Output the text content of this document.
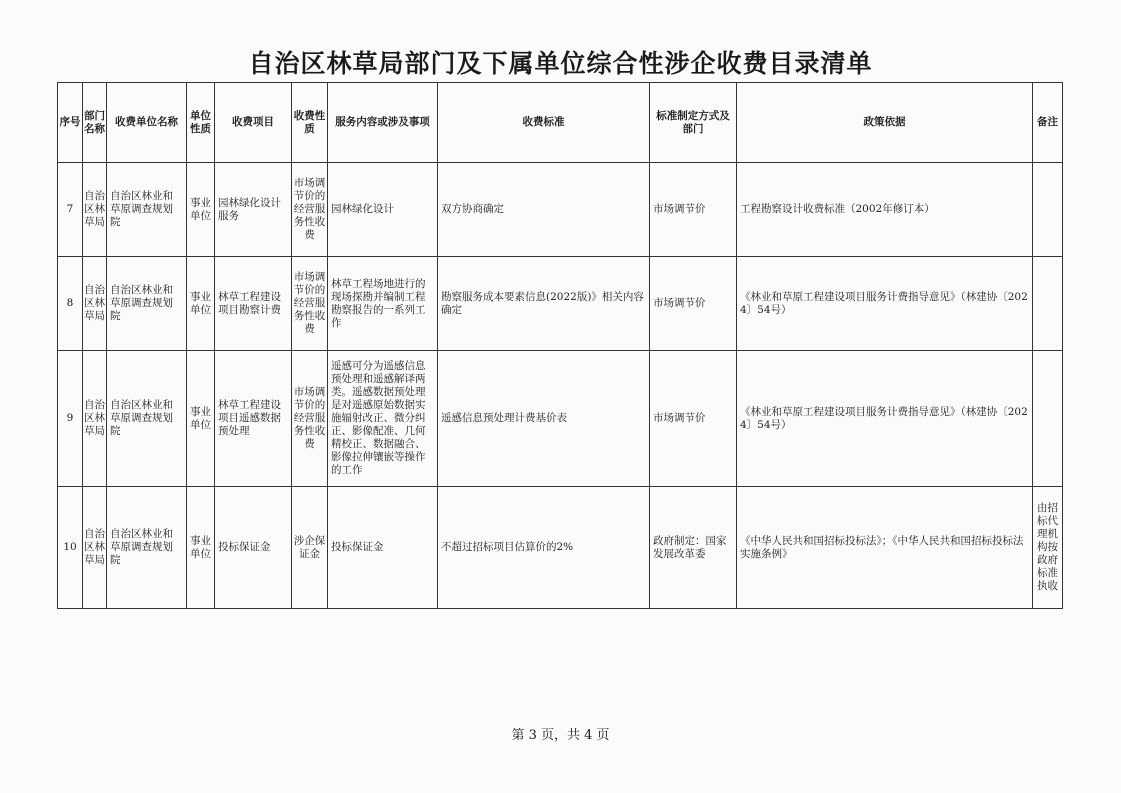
自治区林草局部门及下属单位综合性涉企收费目录清单
序号	部门名称	收费单位名称	单位性质	收费项目	收费性质	服务内容或涉及事项	收费标准	标准制定方式及部门	政策依据	备注
7	自治区林草局	自治区林业和草原调查规划院	事业单位	园林绿化设计服务	市场调节价的经营服务性收费	园林绿化设计	双方协商确定	市场调节价	工程勘察设计收费标准（2002年修订本）	
8	自治区林草局	自治区林业和草原调查规划院	事业单位	林草工程建设项目勘察计费	市场调节价的经营服务性收费	林草工程场地进行的现场探勘并编制工程勘察报告的一系列工作	勘察服务成本要素信息(2022版)》相关内容确定	市场调节价	《林业和草原工程建设项目服务计费指导意见》（林建协〔2024〕54号）	
9	自治区林草局	自治区林业和草原调查规划院	事业单位	林草工程建设项目遥感数据预处理	市场调节价的经营服务性收费	遥感可分为遥感信息预处理和遥感解译两类。遥感数据预处理是对遥感原始数据实施辐射改正、微分纠正、影像配准、几何精校正、数据融合、影像拉伸镶嵌等操作的工作	遥感信息预处理计费基价表	市场调节价	《林业和草原工程建设项目服务计费指导意见》（林建协〔2024〕54号）	
10	自治区林草局	自治区林业和草原调查规划院	事业单位	投标保证金	涉企保证金	投标保证金	不超过招标项目估算价的2%	政府制定：国家发展改革委	《中华人民共和国招标投标法》；《中华人民共和国招标投标法实施条例》	由招标代理机构按政府标准执收
第 3 页，共 4 页
